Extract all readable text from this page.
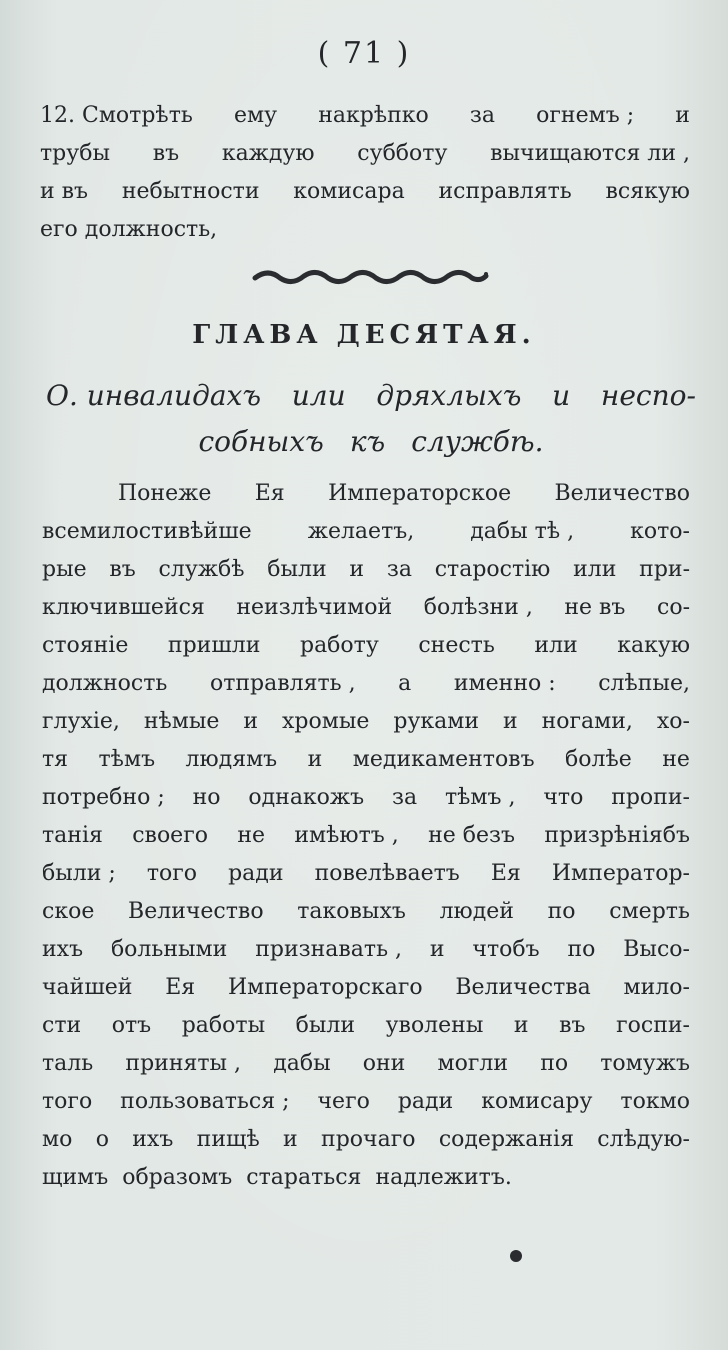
( 71 )
12. Смотрѣть ему накрѣпко за огнемъ ; и
трубы въ каждую субботу вычищаются ли ,
и въ небытности комисара исправлять всякую
его должность,
ГЛАВА ДЕСЯТАЯ.
О. инвалидахъ или дряхлыхъ и неспо-
собныхъ къ службѣ.
Понеже Ея Императорское Величество
всемилостивѣйше	желаетъ,	дабы тѣ ,	кото-
рые въ службѣ были и за старостію или при-
ключившейся неизлѣчимой болѣзни , не въ со-
стояніе пришли работу снесть или какую
должность отправлять , а именно : слѣпые,
глухіе, нѣмые и хромые руками и ногами, хо-
тя тѣмъ людямъ и медикаментовъ болѣе не
потребно ; но однакожъ за тѣмъ , что пропи-
танія своего не имѣютъ , не безъ призрѣніябъ
были ; того ради повелѣваетъ Ея Император-
ское Величество таковыхъ людей по смерть
ихъ больными признавать , и чтобъ по Высо-
чайшей Ея Императорскаго Величества мило-
сти отъ работы были уволены и въ госпи-
таль приняты , дабы они могли по томужъ
того пользоваться ; чего ради комисару токмо
мо о ихъ пищѣ и прочаго содержанія слѣдую-
щимъ образомъ стараться надлежитъ.
